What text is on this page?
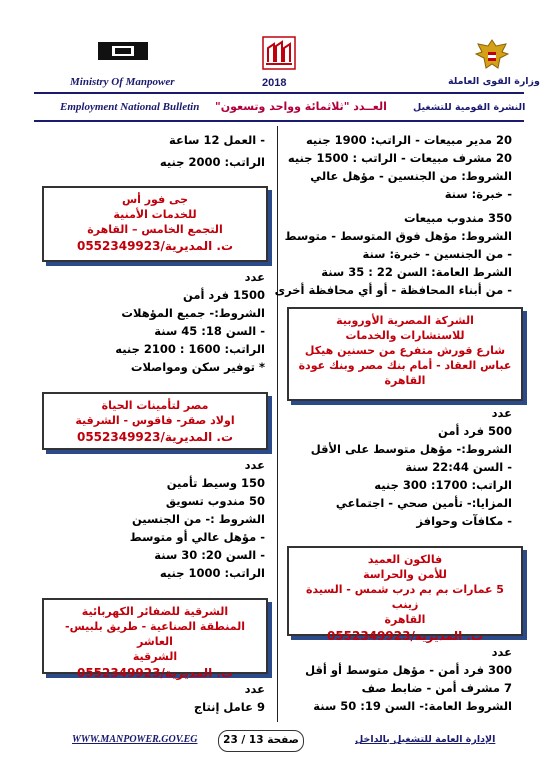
Ministry Of Manpower	2018	وزارة القوى العاملة
Employment National Bulletin العــدد "ثلاثمائة وواحد وتسعون"	النشرة القومية للتشغيل
20 مدير مبيعات - الراتب: 1900 جنيه
20 مشرف مبيعات - الراتب : 1500 جنيه
الشروط: من الجنسين - مؤهل عالي
- خبرة: سنة
350 مندوب مبيعات
الشروط: مؤهل فوق المتوسط - متوسط
- من الجنسين - خبرة: سنة
الشرط العامة: السن 22 : 35 سنة
- من أبناء المحافظة - أو أي محافظة أخرى
الشركة المصرية الأوروبية
للاستشارات والخدمات
شارع قورش متفرع من حسنين هيكل
عباس العقاد - أمام بنك مصر وبنك عودة
القاهرة
عدد
500 فرد أمن
الشروط:- مؤهل متوسط على الأقل
- السن 22:44 سنة
الراتب: 1700: 300 جنيه
المزايا:- تأمين صحي - اجتماعي
- مكافآت وحوافز
فالكون العميد
للأمن والحراسة
5 عمارات بم بم درب شمس - السيدة زينب
القاهرة
ت. المديرية/0552349923
عدد
300 فرد أمن - مؤهل متوسط أو أقل
7 مشرف أمن - ضابط صف
الشروط العامة:- السن 19: 50 سنة
- العمل 12 ساعة
الراتب: 2000 جنيه
جى فور أس
للخدمات الأمنية
التجمع الخامس – القاهرة
ت. المديرية/0552349923
عدد
1500 فرد أمن
الشروط:- جميع المؤهلات
- السن 18: 45 سنة
الراتب: 1600 : 2100 جنيه
* توفير سكن ومواصلات
مصر لتأمينات الحياة
اولاد صقر- فاقوس - الشرقية
ت. المديرية/0552349923
عدد
150 وسيط تأمين
50 مندوب تسويق
الشروط :- من الجنسين
- مؤهل عالي أو متوسط
- السن 20: 30 سنة
الراتب: 1000 جنيه
الشرقية للضفائر الكهربائية
المنطقة الصناعية - طريق بلبيس- العاشر
الشرقية
ت. المديرية/0552349923
عدد
9 عامل إنتاج
WWW.MANPOWER.GOV.EG	صفحة 13 / 23	الإدارة العامة للتشغيل بالداخل
